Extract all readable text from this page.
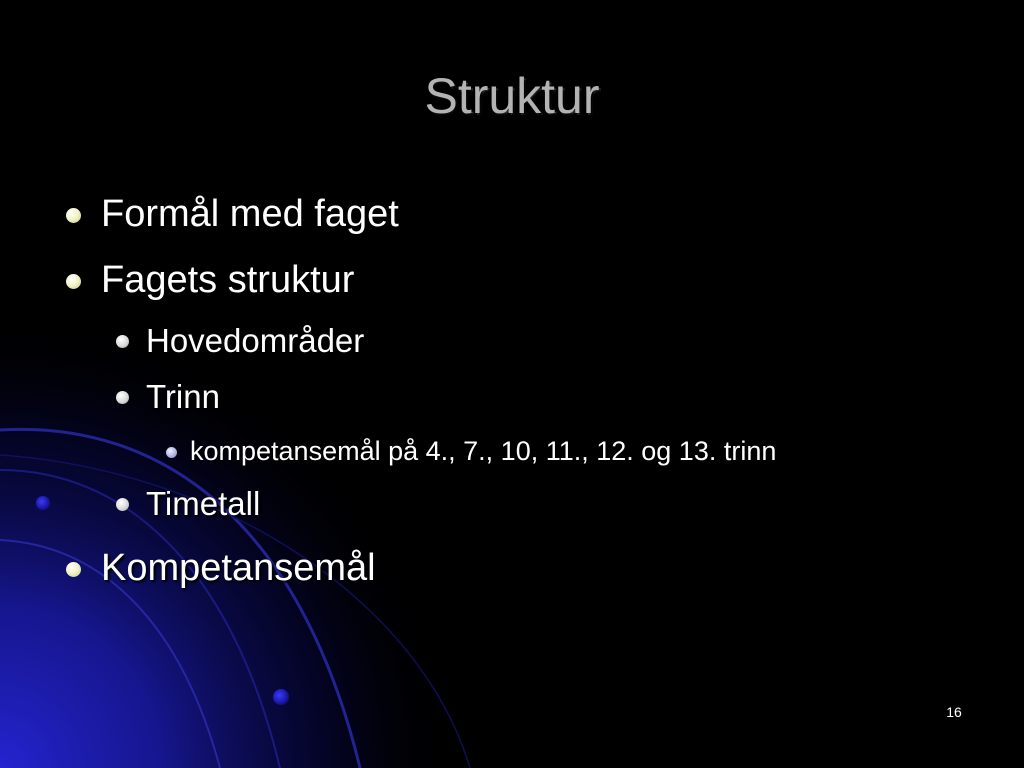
Struktur
Formål med faget
Fagets struktur
Hovedområder
Trinn
kompetansemål på 4., 7., 10, 11., 12. og 13. trinn
Timetall
Kompetansemål
16
